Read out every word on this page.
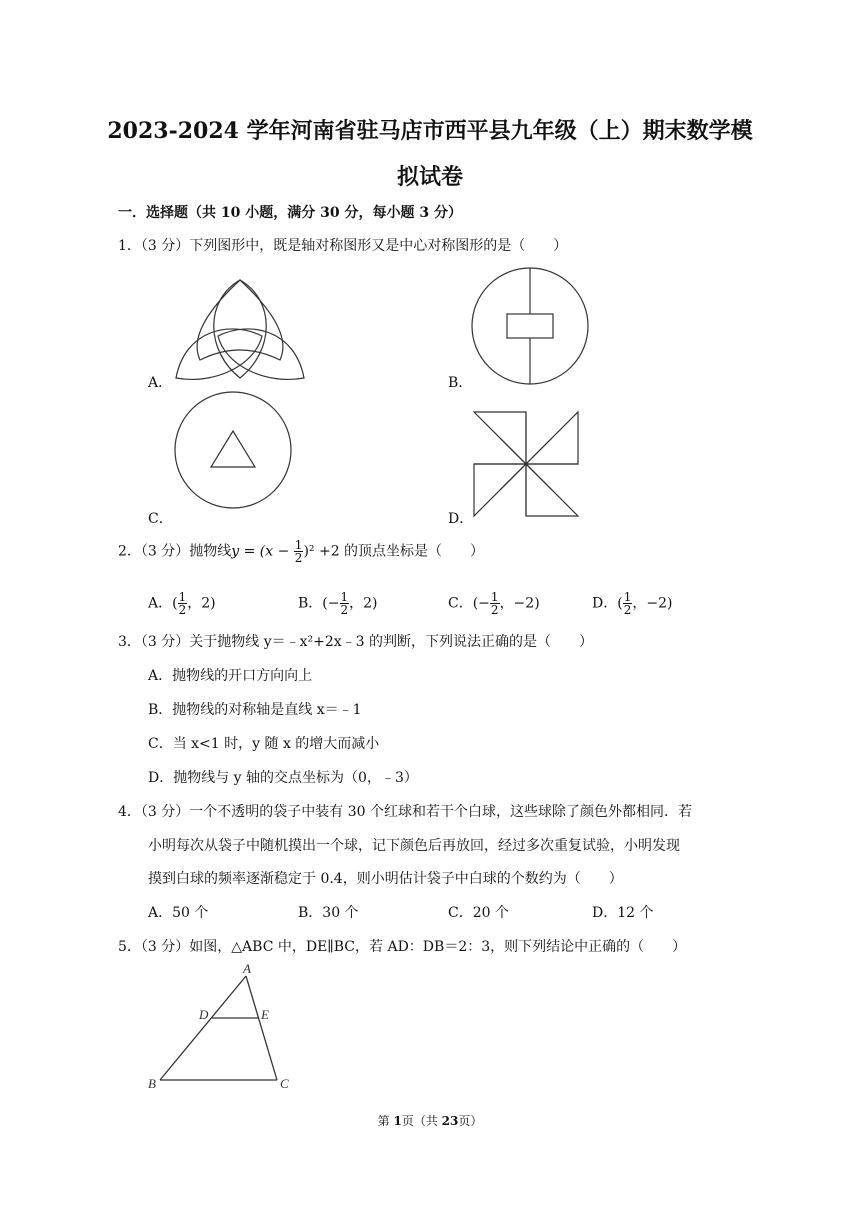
2023-2024 学年河南省驻马店市西平县九年级（上）期末数学模
拟试卷
一．选择题（共 10 小题，满分 30 分，每小题 3 分）
1．（3 分）下列图形中，既是轴对称图形又是中心对称图形的是（　　）
A．	B．
C．	D．
2．（3 分）抛物线$y = (x - \frac{1}{2} )^2 +2$ 的顶点坐标是（　　）
A．( $\frac{1}{2}$ ，2)	B．(− $\frac{1}{2}$ ，2)	C．(− $\frac{1}{2}$ ，−2)	D．( $\frac{1}{2}$ ，−2)
3．（3 分）关于抛物线 y＝﹣x²+2x﹣3 的判断，下列说法正确的是（　　）
A．抛物线的开口方向向上
B．抛物线的对称轴是直线 x＝﹣1
C．当 x<1 时，y 随 x 的增大而减小
D．抛物线与 y 轴的交点坐标为（0，﹣3）
4．（3 分）一个不透明的袋子中装有 30 个红球和若干个白球，这些球除了颜色外都相同．若
小明每次从袋子中随机摸出一个球，记下颜色后再放回，经过多次重复试验，小明发现
摸到白球的频率逐渐稳定于 0.4，则小明估计袋子中白球的个数约为（　　）
A．50 个	B．30 个	C．20 个	D．12 个
5．（3 分）如图，△ABC 中，DE∥BC，若 AD：DB＝2：3，则下列结论中正确的（　　）
A
D	E
B	C
第 1页（共 23页）
